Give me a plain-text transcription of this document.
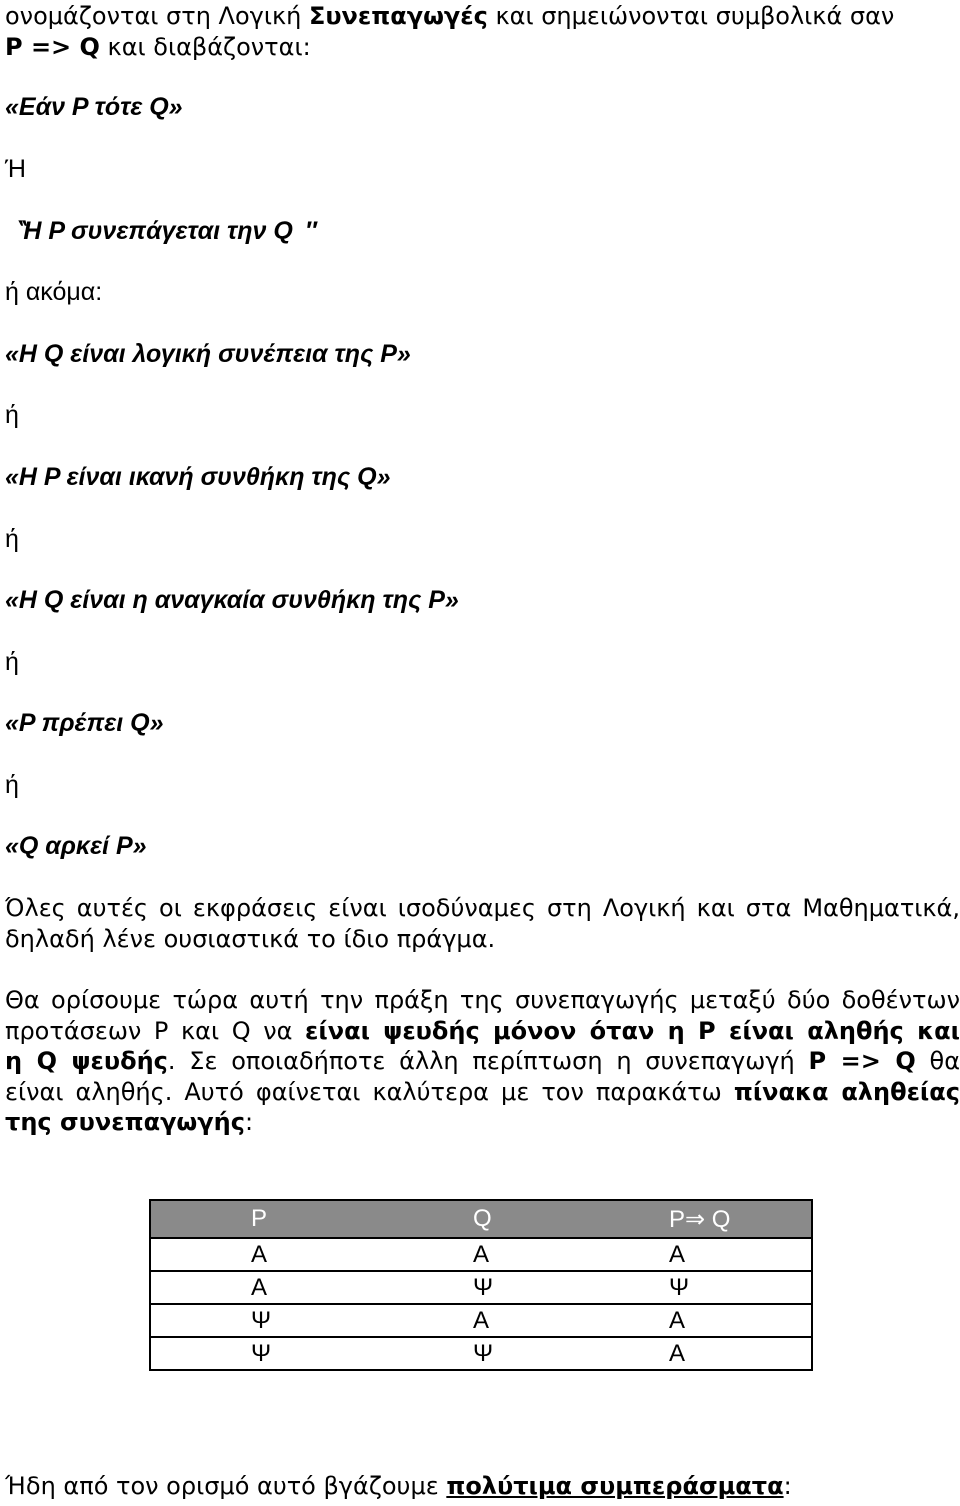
ονομάζονται στη Λογική Συνεπαγωγές και σημειώνονται συμβολικά σαν
P => Q και διαβάζονται:
«Εάν P τότε Q»
Ή
‶Η P συνεπάγεται την Q ″
ή ακόμα:
«Η Q είναι λογική συνέπεια της P»
ή
«Η P είναι ικανή συνθήκη της Q»
ή
«Η Q είναι η αναγκαία συνθήκη της P»
ή
«P πρέπει Q»
ή
«Q αρκεί P»
Όλες αυτές οι εκφράσεις είναι ισοδύναμες στη Λογική και στα Μαθηματικά,
δηλαδή λένε ουσιαστικά το ίδιο πράγμα.
Θα ορίσουμε τώρα αυτή την πράξη της συνεπαγωγής μεταξύ δύο δοθέντων
προτάσεων P και Q να είναι ψευδής μόνον όταν η P είναι αληθής και
η Q ψευδής. Σε οποιαδήποτε άλλη περίπτωση η συνεπαγωγή P => Q θα
είναι αληθής. Αυτό φαίνεται καλύτερα με τον παρακάτω πίνακα αληθείας
της συνεπαγωγής:
P	Q	P⇒ Q

Α	Α	Α

Α	Ψ	Ψ

Ψ	Α	Α

Ψ	Ψ	Α
Ήδη από τον ορισμό αυτό βγάζουμε πολύτιμα συμπεράσματα:
